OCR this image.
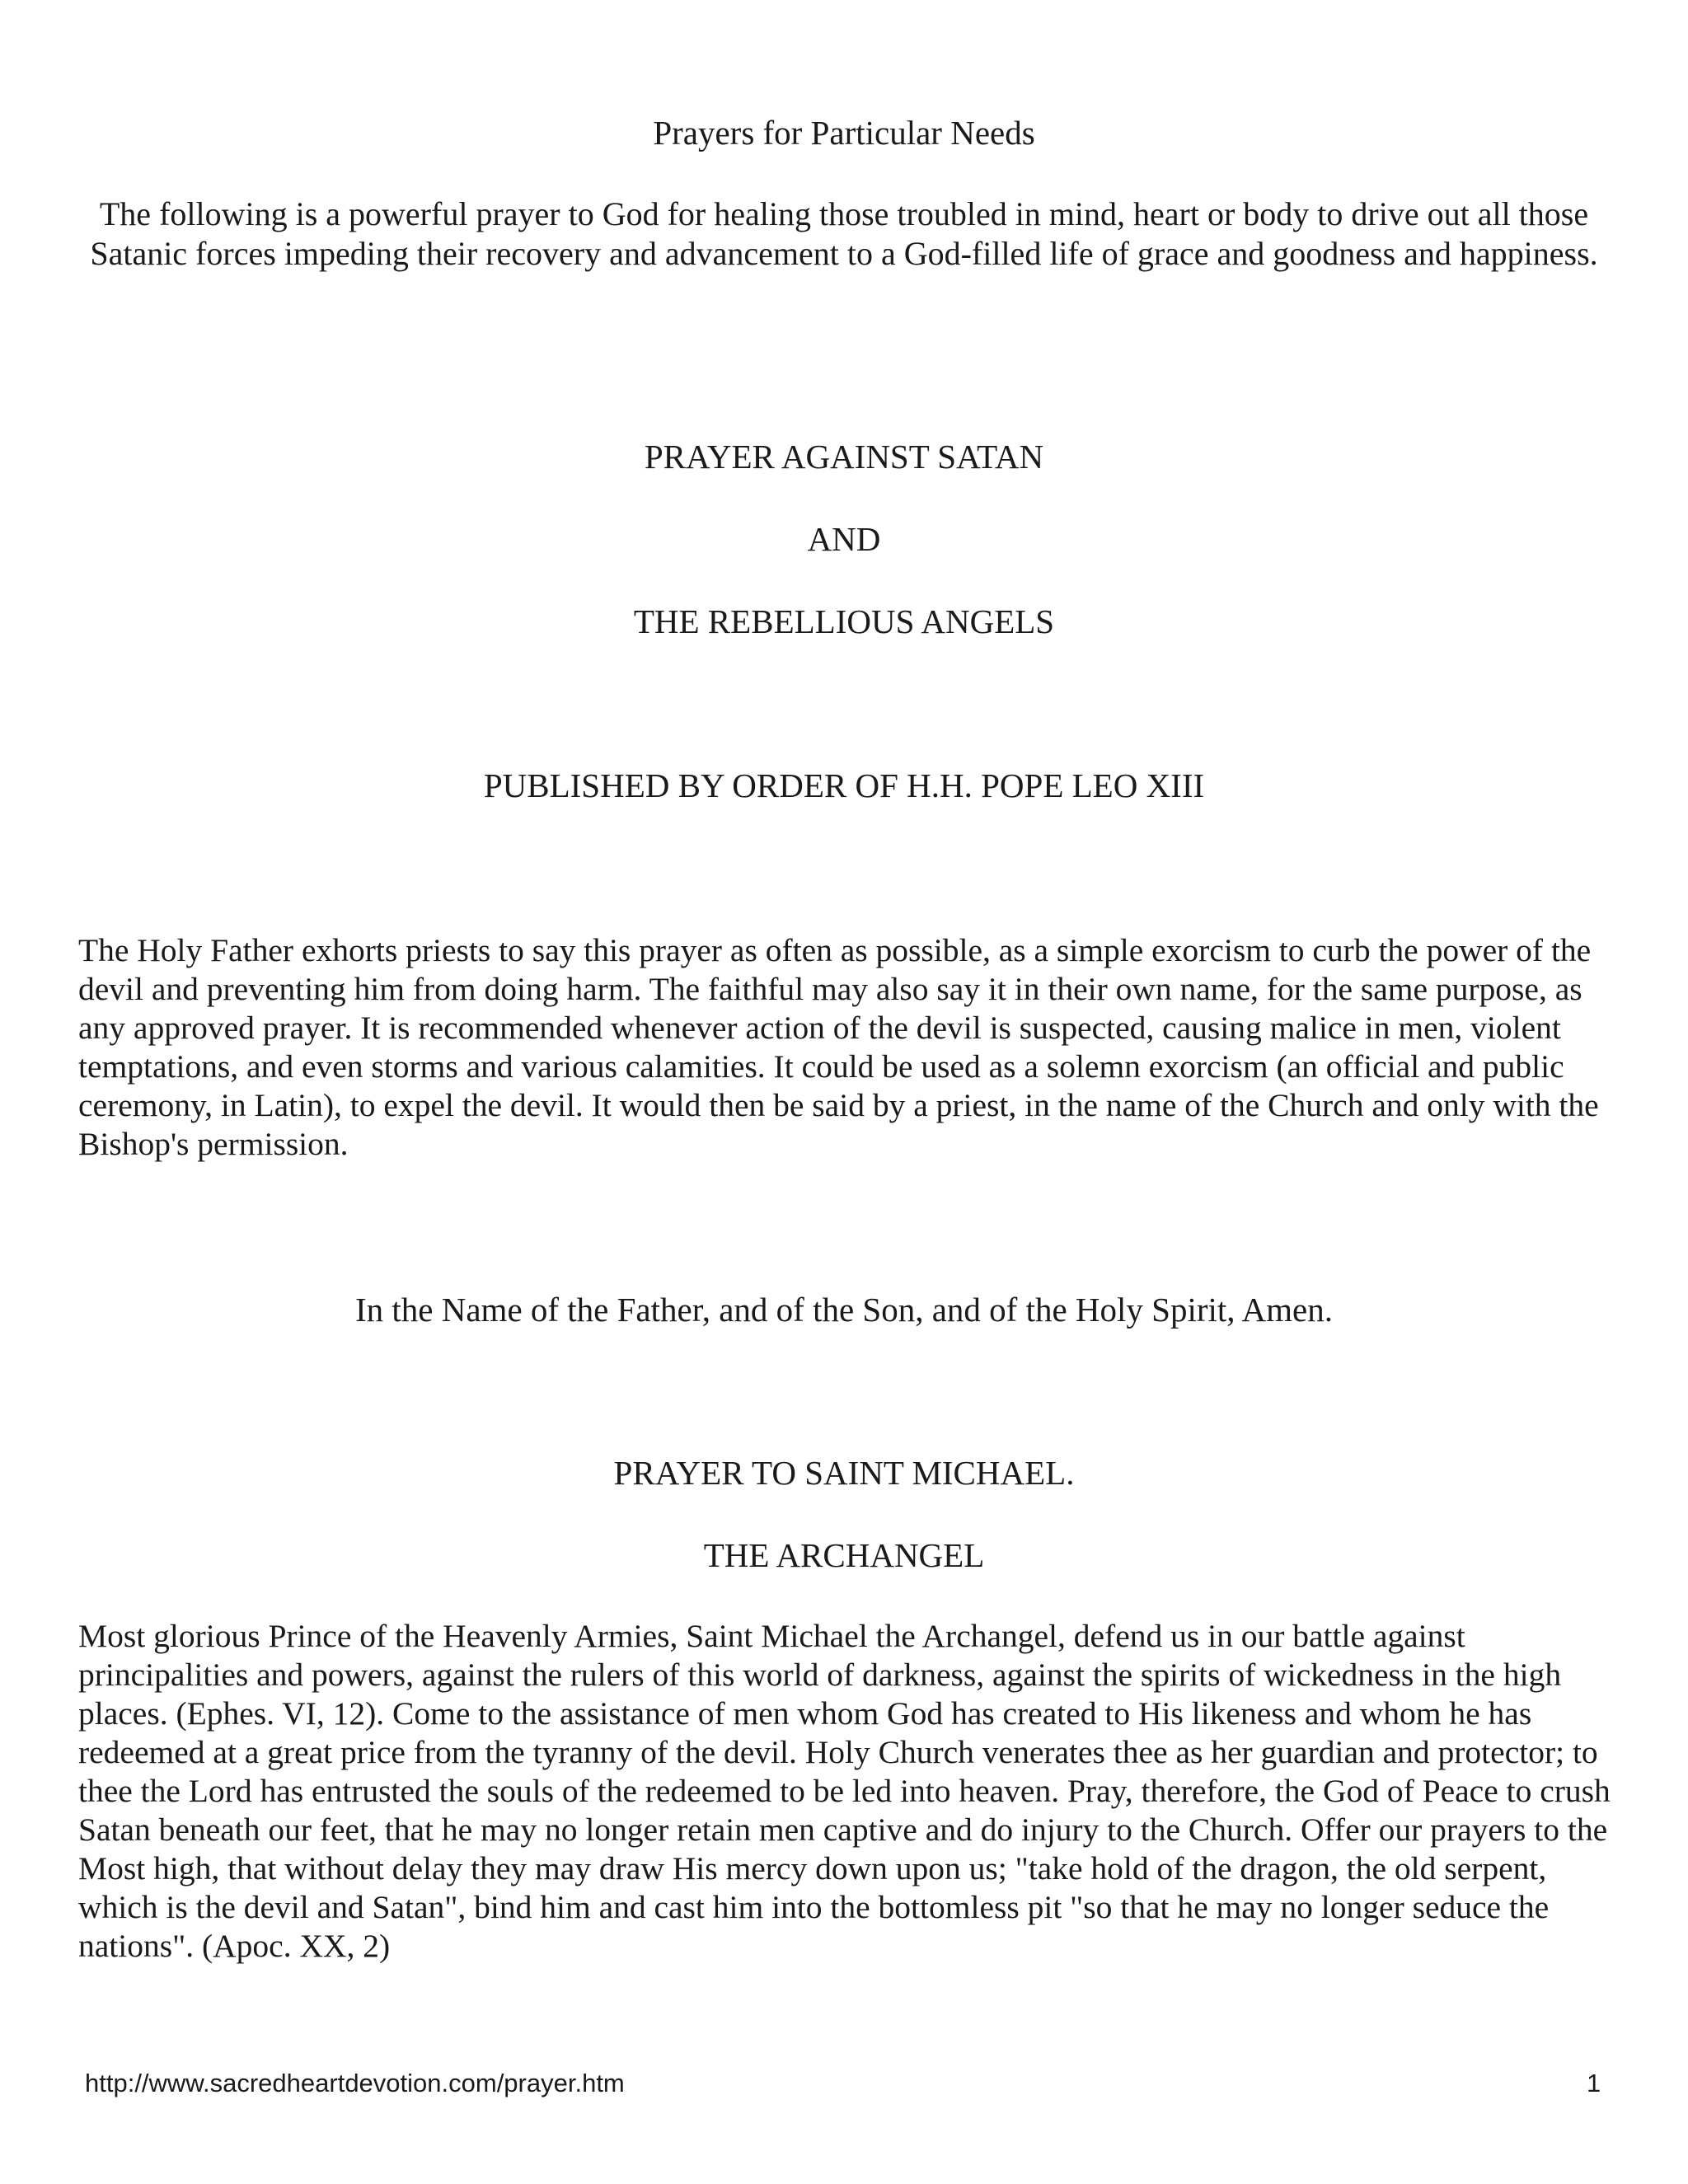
Prayers for Particular Needs

The following is a powerful prayer to God for healing those troubled in mind, heart or body to drive out all those Satanic forces impeding their recovery and advancement to a God-filled life of grace and goodness and happiness.

PRAYER AGAINST SATAN
AND
THE REBELLIOUS ANGELS
PUBLISHED BY ORDER OF H.H. POPE LEO XIII

The Holy Father exhorts priests to say this prayer as often as possible, as a simple exorcism to curb the power of the devil and preventing him from doing harm. The faithful may also say it in their own name, for the same purpose, as any approved prayer. It is recommended whenever action of the devil is suspected, causing malice in men, violent temptations, and even storms and various calamities. It could be used as a solemn exorcism (an official and public ceremony, in Latin), to expel the devil. It would then be said by a priest, in the name of the Church and only with the Bishop's permission.

In the Name of the Father, and of the Son, and of the Holy Spirit, Amen.

PRAYER TO SAINT MICHAEL.
THE ARCHANGEL

Most glorious Prince of the Heavenly Armies, Saint Michael the Archangel, defend us in our battle against principalities and powers, against the rulers of this world of darkness, against the spirits of wickedness in the high places. (Ephes. VI, 12). Come to the assistance of men whom God has created to His likeness and whom he has redeemed at a great price from the tyranny of the devil. Holy Church venerates thee as her guardian and protector; to thee the Lord has entrusted the souls of the redeemed to be led into heaven. Pray, therefore, the God of Peace to crush Satan beneath our feet, that he may no longer retain men captive and do injury to the Church. Offer our prayers to the Most high, that without delay they may draw His mercy down upon us; "take hold of the dragon, the old serpent, which is the devil and Satan", bind him and cast him into the bottomless pit "so that he may no longer seduce the nations". (Apoc. XX, 2)

http://www.sacredheartdevotion.com/prayer.htm	1
